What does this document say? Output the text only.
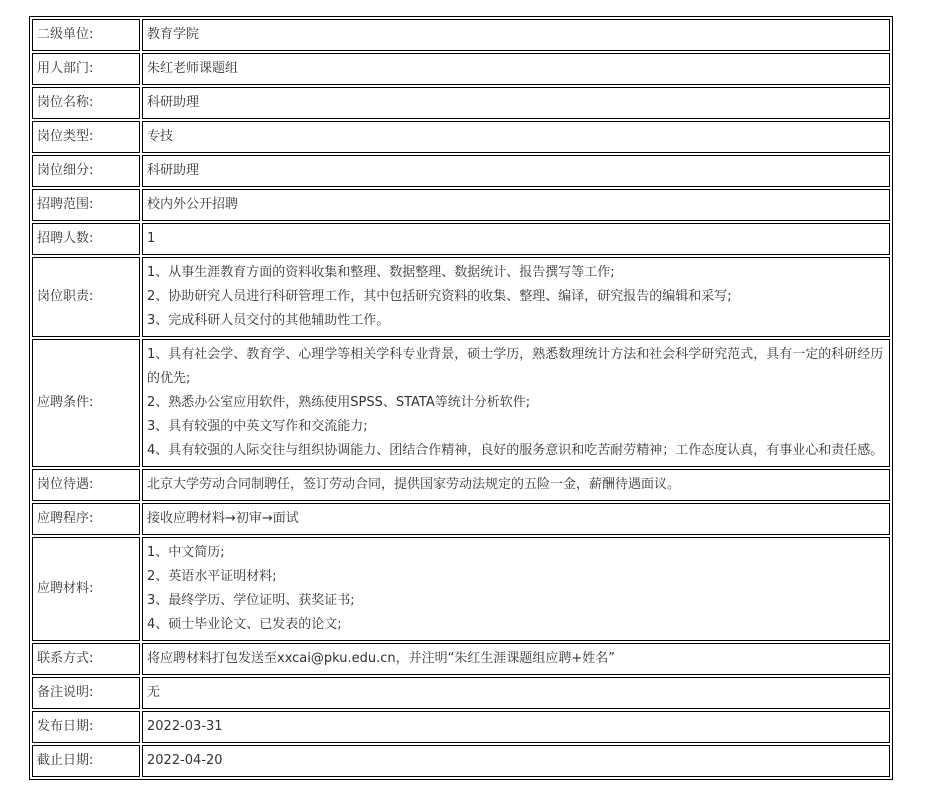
二级单位:	教育学院

用人部门:	朱红老师课题组

岗位名称:	科研助理

岗位类型:	专技

岗位细分:	科研助理

招聘范围:	校内外公开招聘

招聘人数:	1

岗位职责:	1、从事生涯教育方面的资料收集和整理、数据整理、数据统计、报告撰写等工作;
2、协助研究人员进行科研管理工作，其中包括研究资料的收集、整理、编译，研究报告的编辑和采写;
3、完成科研人员交付的其他辅助性工作。

应聘条件:	1、具有社会学、教育学、心理学等相关学科专业背景，硕士学历，熟悉数理统计方法和社会科学研究范式，具有一定的科研经历的优先;
2、熟悉办公室应用软件，熟练使用SPSS、STATA等统计分析软件;
3、具有较强的中英文写作和交流能力;
4、具有较强的人际交往与组织协调能力、团结合作精神，良好的服务意识和吃苦耐劳精神；工作态度认真，有事业心和责任感。

岗位待遇:	北京大学劳动合同制聘任，签订劳动合同，提供国家劳动法规定的五险一金，薪酬待遇面议。

应聘程序:	接收应聘材料→初审→面试

应聘材料:	1、中文简历;
2、英语水平证明材料;
3、最终学历、学位证明、获奖证书;
4、硕士毕业论文、已发表的论文;

联系方式:	将应聘材料打包发送至xxcai@pku.edu.cn，并注明“朱红生涯课题组应聘+姓名”

备注说明:	无

发布日期:	2022-03-31

截止日期:	2022-04-20
